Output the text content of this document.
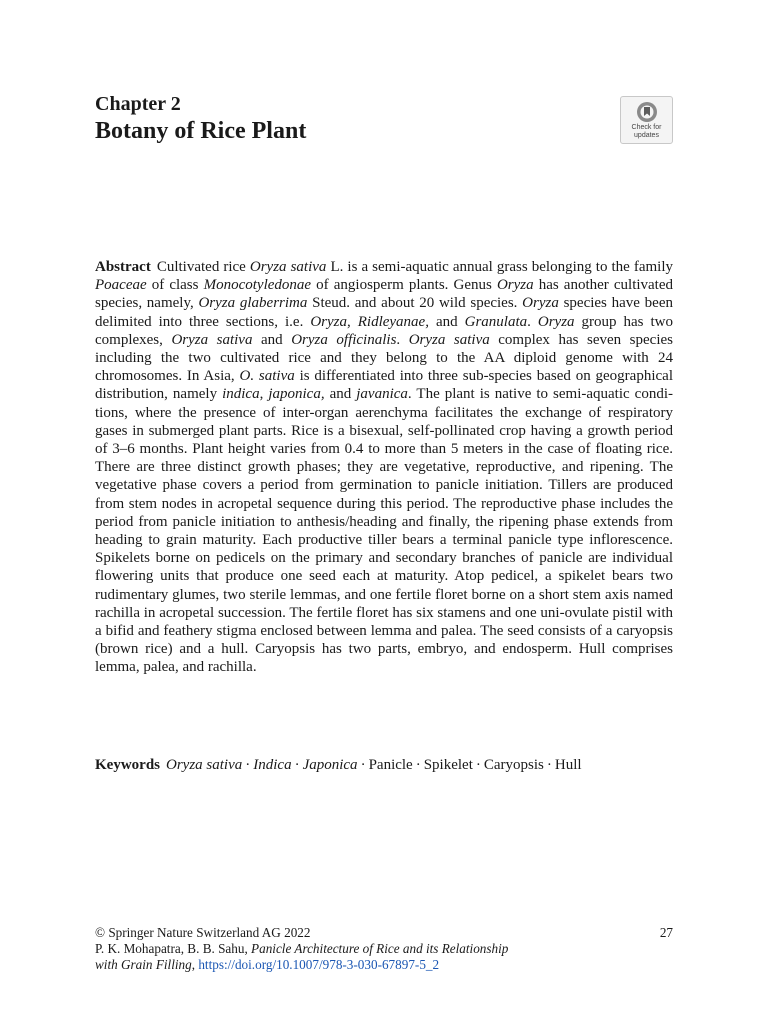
Chapter 2
Botany of Rice Plant	Check for
updates

Abstract Cultivated rice Oryza sativa L. is a semi-aquatic annual grass belonging to the family Poaceae of class Monocotyledonae of angiosperm plants. Genus Oryza has another cultivated species, namely, Oryza glaberrima Steud. and about 20 wild species. Oryza species have been delimited into three sections, i.e. Oryza, Ridleyanae, and Granulata. Oryza group has two complexes, Oryza sativa and Oryza officinalis. Oryza sativa complex has seven species including the two cultivated rice and they belong to the AA diploid genome with 24 chromosomes. In Asia, O. sativa is differentiated into three sub-species based on geographical distribution, namely indica, japonica, and javanica. The plant is native to semi-aquatic conditions, where the presence of inter-organ aerenchyma facilitates the exchange of respiratory gases in submerged plant parts. Rice is a bisexual, self-pollinated crop having a growth period of 3–6 months. Plant height varies from 0.4 to more than 5 meters in the case of floating rice. There are three distinct growth phases; they are vegetative, reproductive, and ripening. The vegetative phase covers a period from germination to panicle initiation. Tillers are produced from stem nodes in acropetal sequence during this period. The reproductive phase includes the period from panicle initiation to anthesis/heading and finally, the ripening phase extends from heading to grain maturity. Each productive tiller bears a terminal panicle type inflorescence. Spikelets borne on pedicels on the primary and secondary branches of panicle are individual flowering units that produce one seed each at maturity. Atop pedicel, a spikelet bears two rudimentary glumes, two sterile lemmas, and one fertile floret borne on a short stem axis named rachilla in acropetal succession. The fertile floret has six stamens and one uni-ovulate pistil with a bifid and feathery stigma enclosed between lemma and palea. The seed consists of a caryopsis (brown rice) and a hull. Caryopsis has two parts, embryo, and endosperm. Hull comprises lemma, palea, and rachilla.

Keywords Oryza sativa · Indica · Japonica · Panicle · Spikelet · Caryopsis · Hull
© Springer Nature Switzerland AG 2022
P. K. Mohapatra, B. B. Sahu, Panicle Architecture of Rice and its Relationship
with Grain Filling, https://doi.org/10.1007/978-3-030-67897-5_2
27
